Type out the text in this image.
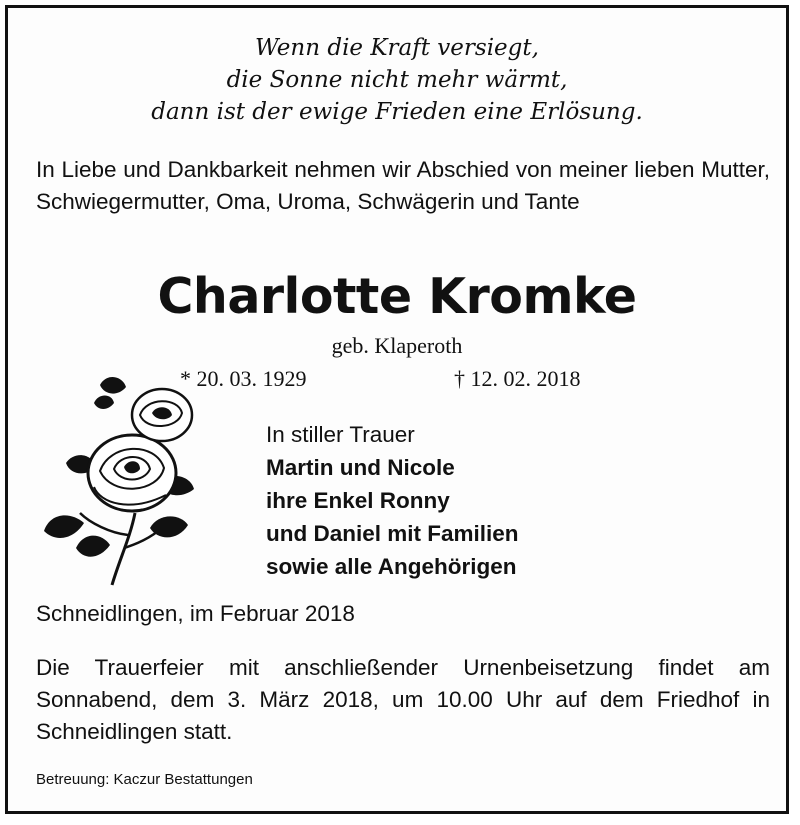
Wenn die Kraft versiegt,
die Sonne nicht mehr wärmt,
dann ist der ewige Frieden eine Erlösung.
In Liebe und Dankbarkeit nehmen wir Abschied von meiner lieben Mutter, Schwiegermutter, Oma, Uroma, Schwägerin und Tante
Charlotte Kromke
geb. Klaperoth
* 20. 03. 1929	† 12. 02. 2018
In stiller Trauer
Martin und Nicole
ihre Enkel Ronny
und Daniel mit Familien
sowie alle Angehörigen
Schneidlingen, im Februar 2018
Die Trauerfeier mit anschließender Urnenbeisetzung findet am Sonnabend, dem 3. März 2018, um 10.00 Uhr auf dem Friedhof in Schneidlingen statt.
Betreuung: Kaczur Bestattungen
